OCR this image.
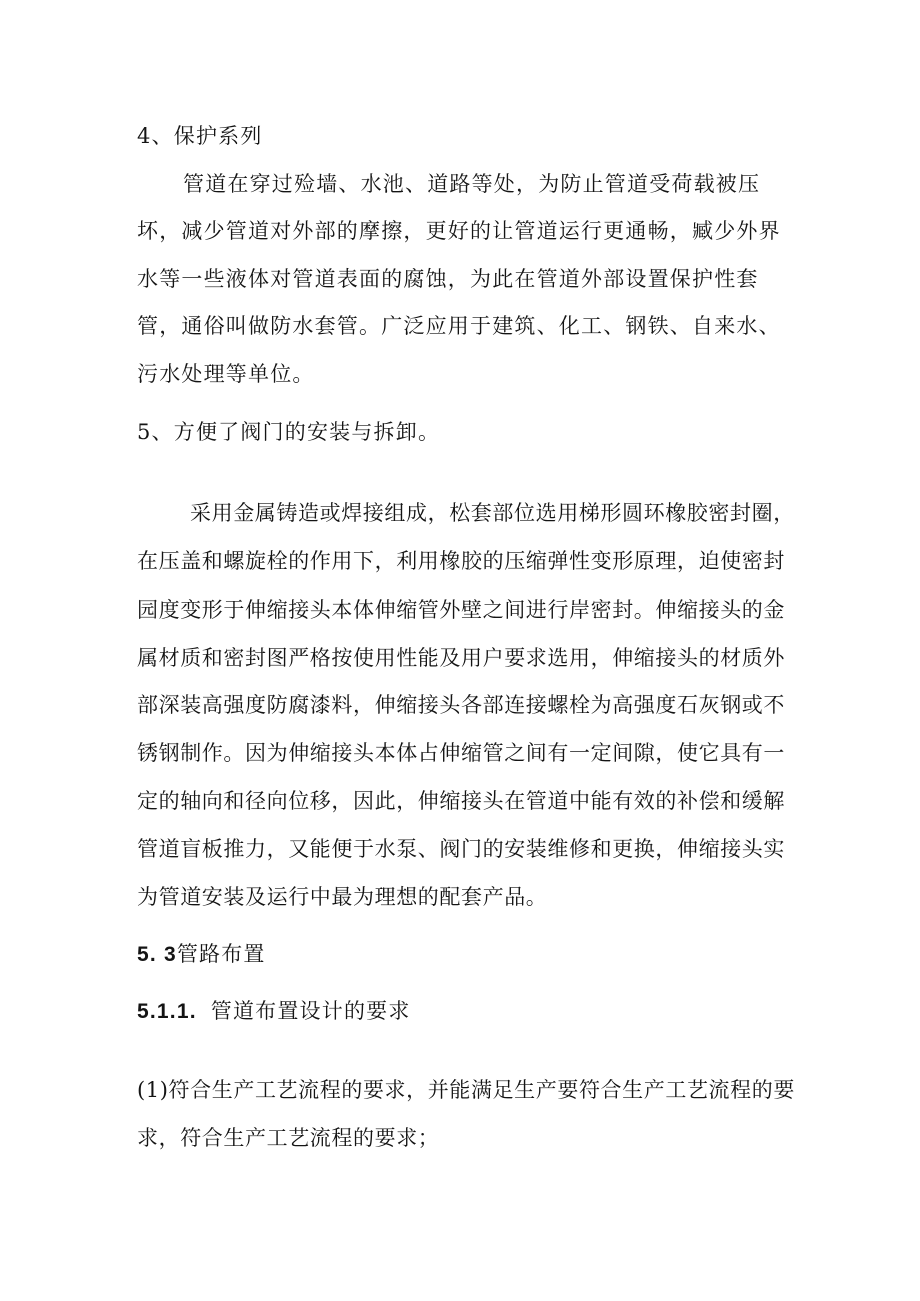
4、保护系列
管道在穿过殓墙、水池、道路等处，为防止管道受荷载被压
坏，减少管道对外部的摩擦，更好的让管道运行更通畅，臧少外界
水等一些液体对管道表面的腐蚀，为此在管道外部设置保护性套
管，通俗叫做防水套管。广泛应用于建筑、化工、钢铁、自来水、
污水处理等单位。
5、方便了阀门的安装与拆卸。
采用金属铸造或焊接组成，松套部位选用梯形圆环橡胶密封圈，
在压盖和螺旋栓的作用下，利用橡胶的压缩弹性变形原理，迫使密封
园度变形于伸缩接头本体伸缩管外壁之间进行岸密封。伸缩接头的金
属材质和密封图严格按使用性能及用户要求选用，伸缩接头的材质外
部深装高强度防腐漆料，伸缩接头各部连接螺栓为高强度石灰钢或不
锈钢制作。因为伸缩接头本体占伸缩管之间有一定间隙，使它具有一
定的轴向和径向位移，因此，伸缩接头在管道中能有效的补偿和缓解
管道盲板推力，又能便于水泵、阀门的安装维修和更换，伸缩接头实
为管道安装及运行中最为理想的配套产品。
5. 3管路布置
5.1.1. 管道布置设计的要求
(1)符合生产工艺流程的要求，并能满足生产要符合生产工艺流程的要
求，符合生产工艺流程的要求；
